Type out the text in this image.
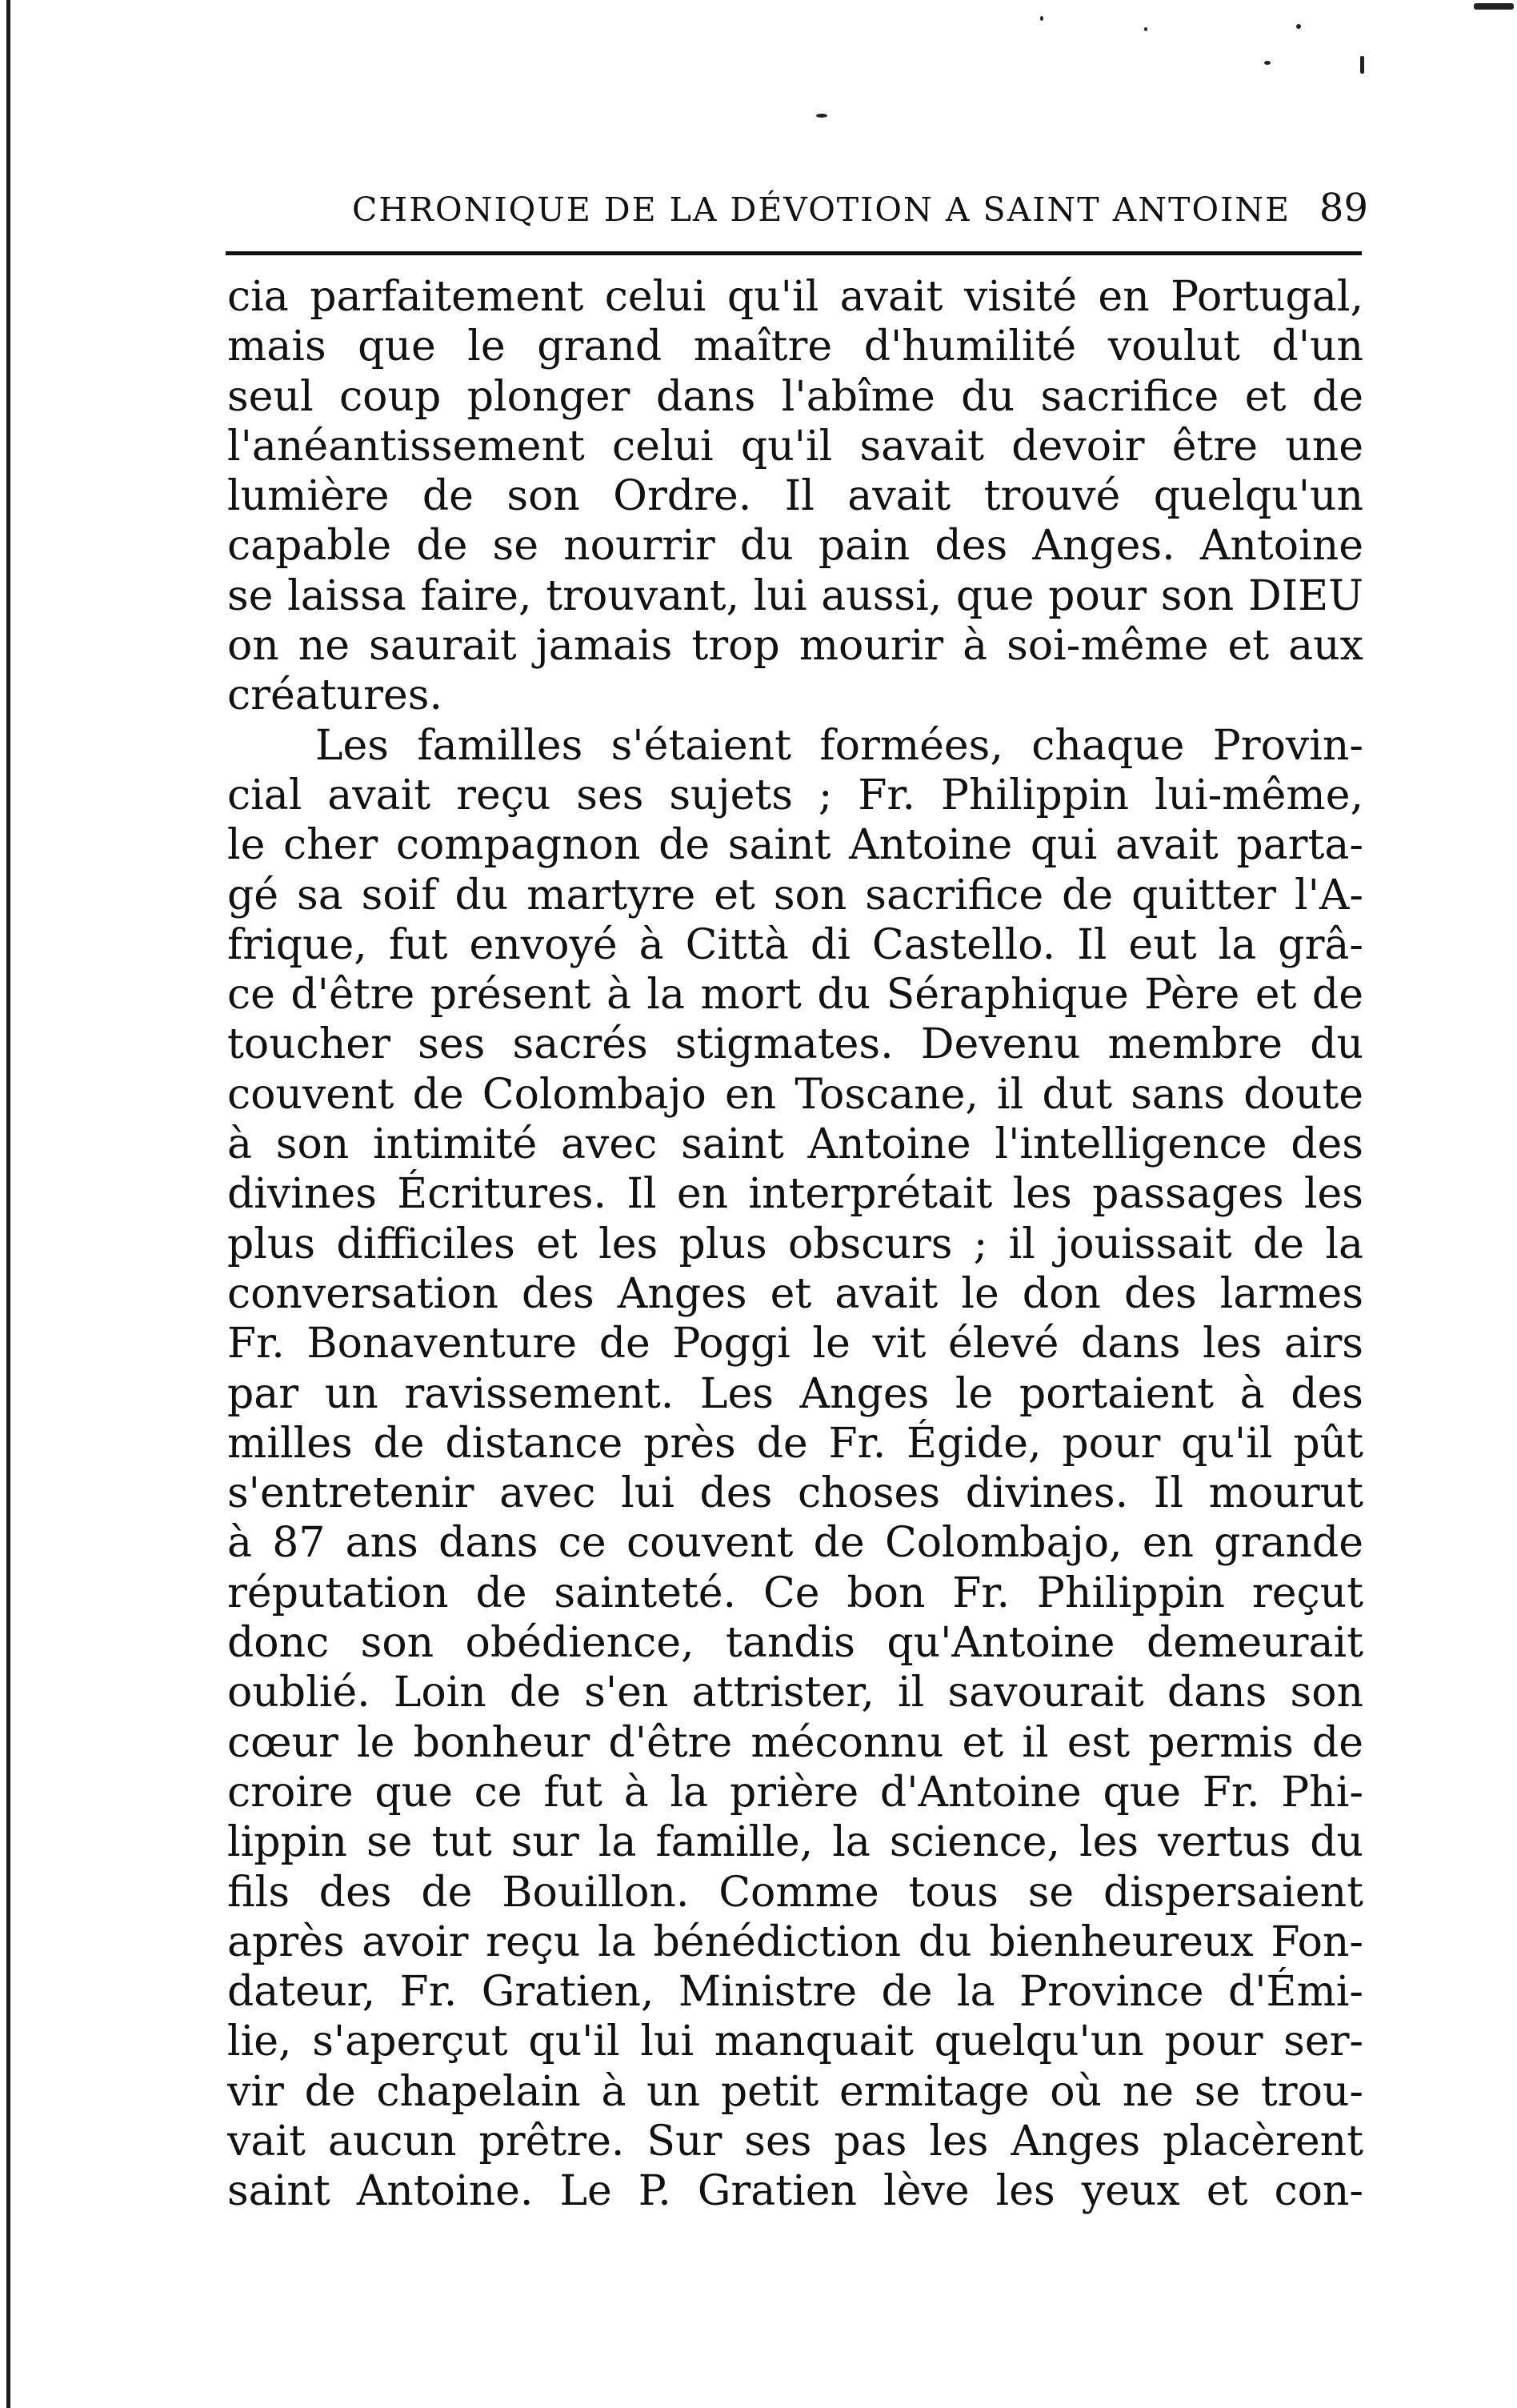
CHRONIQUE DE LA DÉVOTION A SAINT ANTOINE 89
cia parfaitement celui qu'il avait visité en Portugal,
mais que le grand maître d'humilité voulut d'un
seul coup plonger dans l'abîme du sacrifice et de
l'anéantissement celui qu'il savait devoir être une
lumière de son Ordre. Il avait trouvé quelqu'un
capable de se nourrir du pain des Anges. Antoine
se laissa faire, trouvant, lui aussi, que pour son DIEU
on ne saurait jamais trop mourir à soi-même et aux
créatures.
Les familles s'étaient formées, chaque Provin-
cial avait reçu ses sujets ; Fr. Philippin lui-même,
le cher compagnon de saint Antoine qui avait parta-
gé sa soif du martyre et son sacrifice de quitter l'A-
frique, fut envoyé à Città di Castello. Il eut la grâ-
ce d'être présent à la mort du Séraphique Père et de
toucher ses sacrés stigmates. Devenu membre du
couvent de Colombajo en Toscane, il dut sans doute
à son intimité avec saint Antoine l'intelligence des
divines Écritures. Il en interprétait les passages les
plus difficiles et les plus obscurs ; il jouissait de la
conversation des Anges et avait le don des larmes
Fr. Bonaventure de Poggi le vit élevé dans les airs
par un ravissement. Les Anges le portaient à des
milles de distance près de Fr. Égide, pour qu'il pût
s'entretenir avec lui des choses divines. Il mourut
à 87 ans dans ce couvent de Colombajo, en grande
réputation de sainteté. Ce bon Fr. Philippin reçut
donc son obédience, tandis qu'Antoine demeurait
oublié. Loin de s'en attrister, il savourait dans son
cœur le bonheur d'être méconnu et il est permis de
croire que ce fut à la prière d'Antoine que Fr. Phi-
lippin se tut sur la famille, la science, les vertus du
fils des de Bouillon. Comme tous se dispersaient
après avoir reçu la bénédiction du bienheureux Fon-
dateur, Fr. Gratien, Ministre de la Province d'Émi-
lie, s'aperçut qu'il lui manquait quelqu'un pour ser-
vir de chapelain à un petit ermitage où ne se trou-
vait aucun prêtre. Sur ses pas les Anges placèrent
saint Antoine. Le P. Gratien lève les yeux et con-
